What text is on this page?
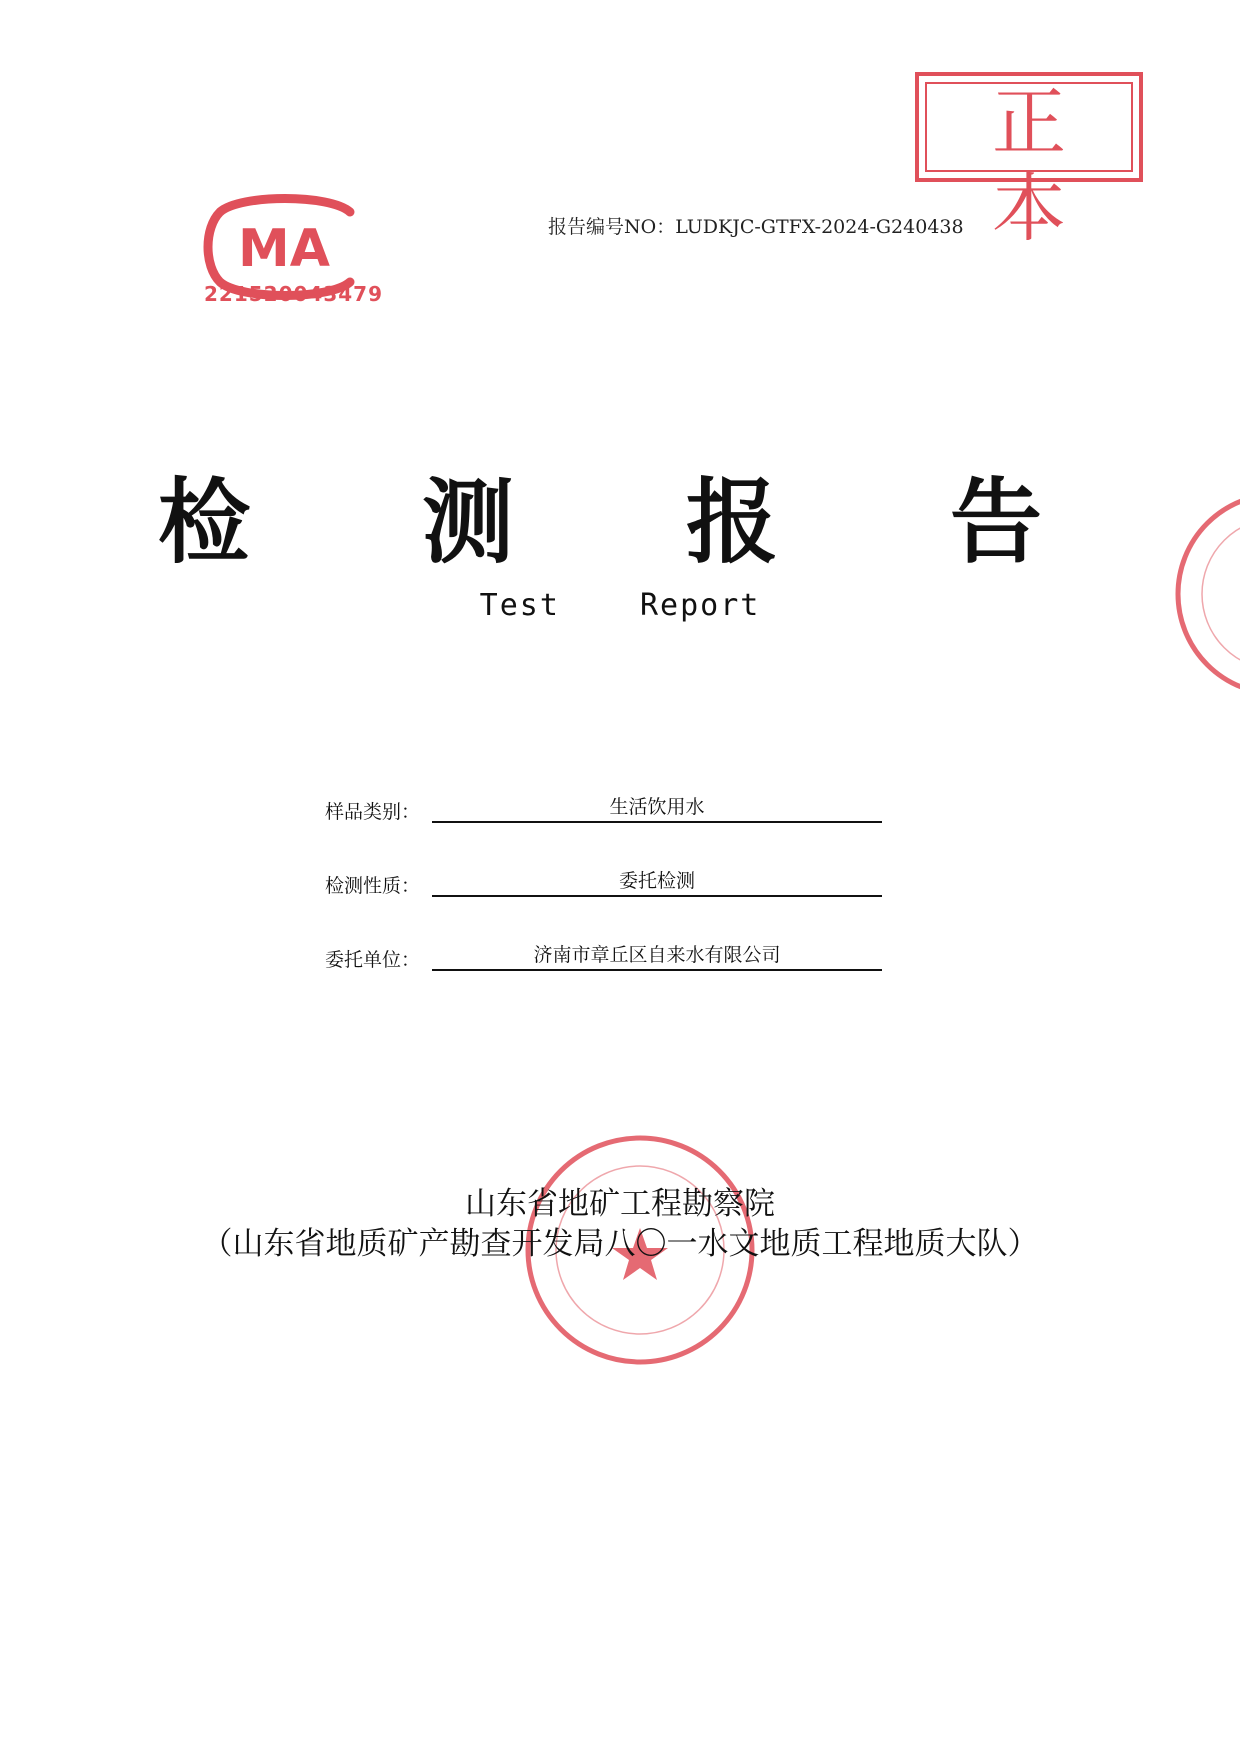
正本
MA
221520043479
报告编号NO：LUDKJC-GTFX-2024-G240438
检 测 报 告
Test Report
样品类别：	生活饮用水
检测性质：	委托检测
委托单位：	济南市章丘区自来水有限公司
山东省地矿工程勘察院
（山东省地质矿产勘查开发局八〇一水文地质工程地质大队）
